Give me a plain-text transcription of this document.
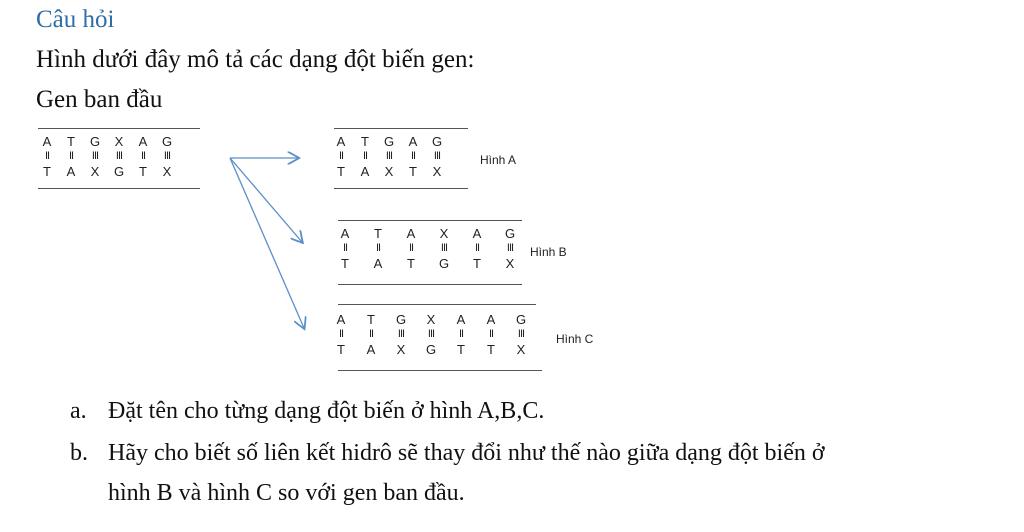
Câu hỏi
Hình dưới đây mô tả các dạng đột biến gen:
Gen ban đầu
A T G X A G
II	II	III	III	II	III
T A X G T X
A T G A G
II	II	III	II	III
T A X T X
Hình A
A T A X A G
II	II	II	III	II	III
T A T G T X
Hình B
A T G X A A G
II	II	III	III	II	II	III
T A X G T T X
Hình C
a. Đặt tên cho từng dạng đột biến ở hình A,B,C.
b. Hãy cho biết số liên kết hidrô sẽ thay đổi như thế nào giữa dạng đột biến ở
hình B và hình C so với gen ban đầu.
